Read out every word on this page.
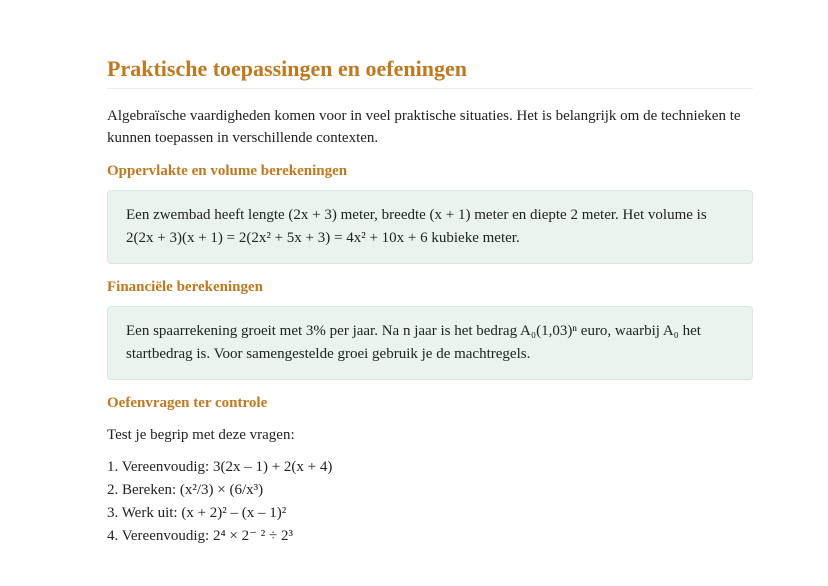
Praktische toepassingen en oefeningen

Algebraïsche vaardigheden komen voor in veel praktische situaties. Het is belangrijk om de technieken te kunnen toepassen in verschillende contexten.

Oppervlakte en volume berekeningen
Een zwembad heeft lengte (2x + 3) meter, breedte (x + 1) meter en diepte 2 meter. Het volume is 2(2x + 3)(x + 1) = 2(2x² + 5x + 3) = 4x² + 10x + 6 kubieke meter.
Financiële berekeningen
Een spaarrekening groeit met 3% per jaar. Na n jaar is het bedrag A₀(1,03)ⁿ euro, waarbij A₀ het startbedrag is. Voor samengestelde groei gebruik je de machtregels.
Oefenvragen ter controle

Test je begrip met deze vragen:

1. Vereenvoudig: 3(2x – 1) + 2(x + 4)
2. Bereken: (x²/3) × (6/x³)
3. Werk uit: (x + 2)² – (x – 1)²
4. Vereenvoudig: 2⁴ × 2⁻ ² ÷ 2³
